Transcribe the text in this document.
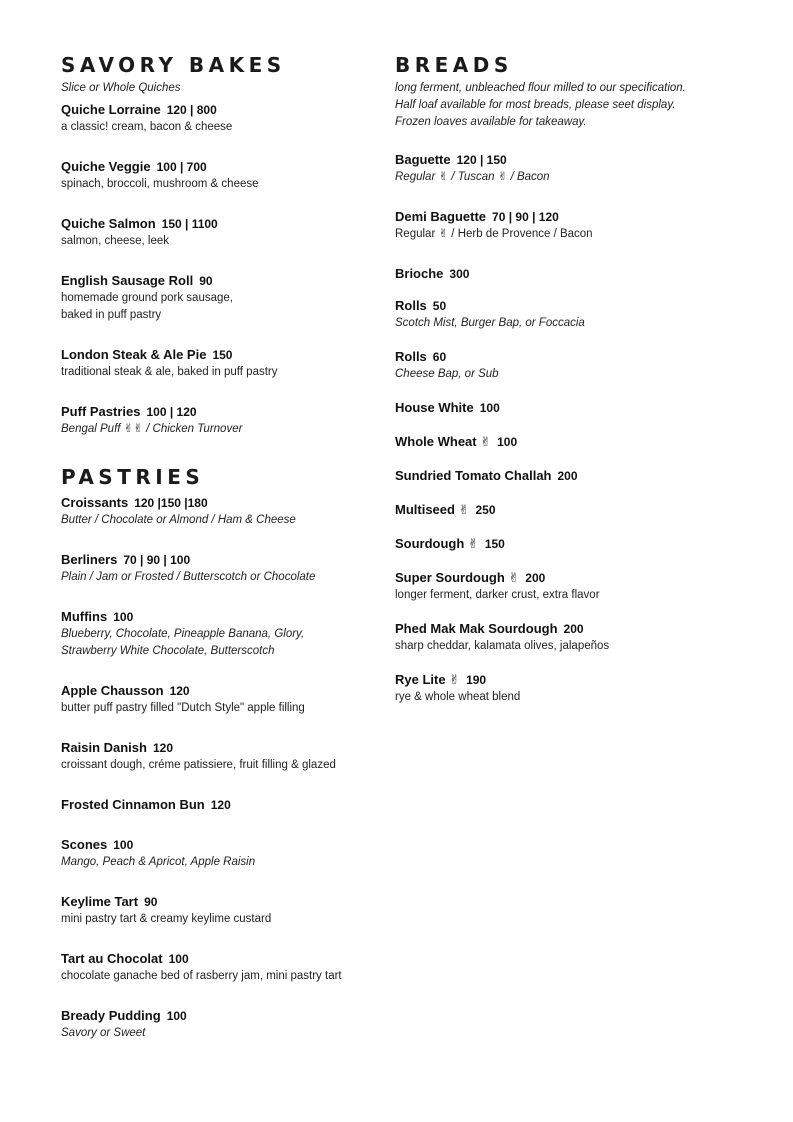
SAVORY BAKES

Slice or Whole Quiches

Quiche Lorraine 120 | 800

a classic! cream, bacon & cheese

Quiche Veggie 100 | 700

spinach, broccoli, mushroom & cheese

Quiche Salmon 150 | 1100

salmon, cheese, leek

English Sausage Roll 90

homemade ground pork sausage,

baked in puff pastry

London Steak & Ale Pie 150

traditional steak & ale, baked in puff pastry

Puff Pastries 100 | 120

Bengal Puff ✌✌ / Chicken Turnover

PASTRIES
Croissants 120 |150 |180

Butter / Chocolate or Almond / Ham & Cheese

Berliners 70 | 90 | 100

Plain / Jam or Frosted / Butterscotch or Chocolate

Muffins 100

Blueberry, Chocolate, Pineapple Banana, Glory,

Strawberry White Chocolate, Butterscotch

Apple Chausson 120

butter puff pastry filled "Dutch Style" apple filling

Raisin Danish 120

croissant dough, créme patissiere, fruit filling & glazed

Frosted Cinnamon Bun 120
Scones 100

Mango, Peach & Apricot, Apple Raisin

Keylime Tart 90

mini pastry tart & creamy keylime custard

Tart au Chocolat 100

chocolate ganache bed of rasberry jam, mini pastry tart

Bready Pudding 100

Savory or Sweet

BREADS

long ferment, unbleached flour milled to our specification.

Half loaf available for most breads, please seet display.

Frozen loaves available for takeaway.

Baguette 120 | 150

Regular ✌ / Tuscan ✌ / Bacon

Demi Baguette 70 | 90 | 120

Regular ✌ / Herb de Provence / Bacon

Brioche 300
Rolls 50

Scotch Mist, Burger Bap, or Foccacia

Rolls 60

Cheese Bap, or Sub

House White 100
Whole Wheat ✌ 100
Sundried Tomato Challah 200
Multiseed ✌ 250
Sourdough ✌ 150
Super Sourdough ✌ 200

longer ferment, darker crust, extra flavor

Phed Mak Mak Sourdough 200

sharp cheddar, kalamata olives, jalapeños

Rye Lite ✌ 190

rye & whole wheat blend
